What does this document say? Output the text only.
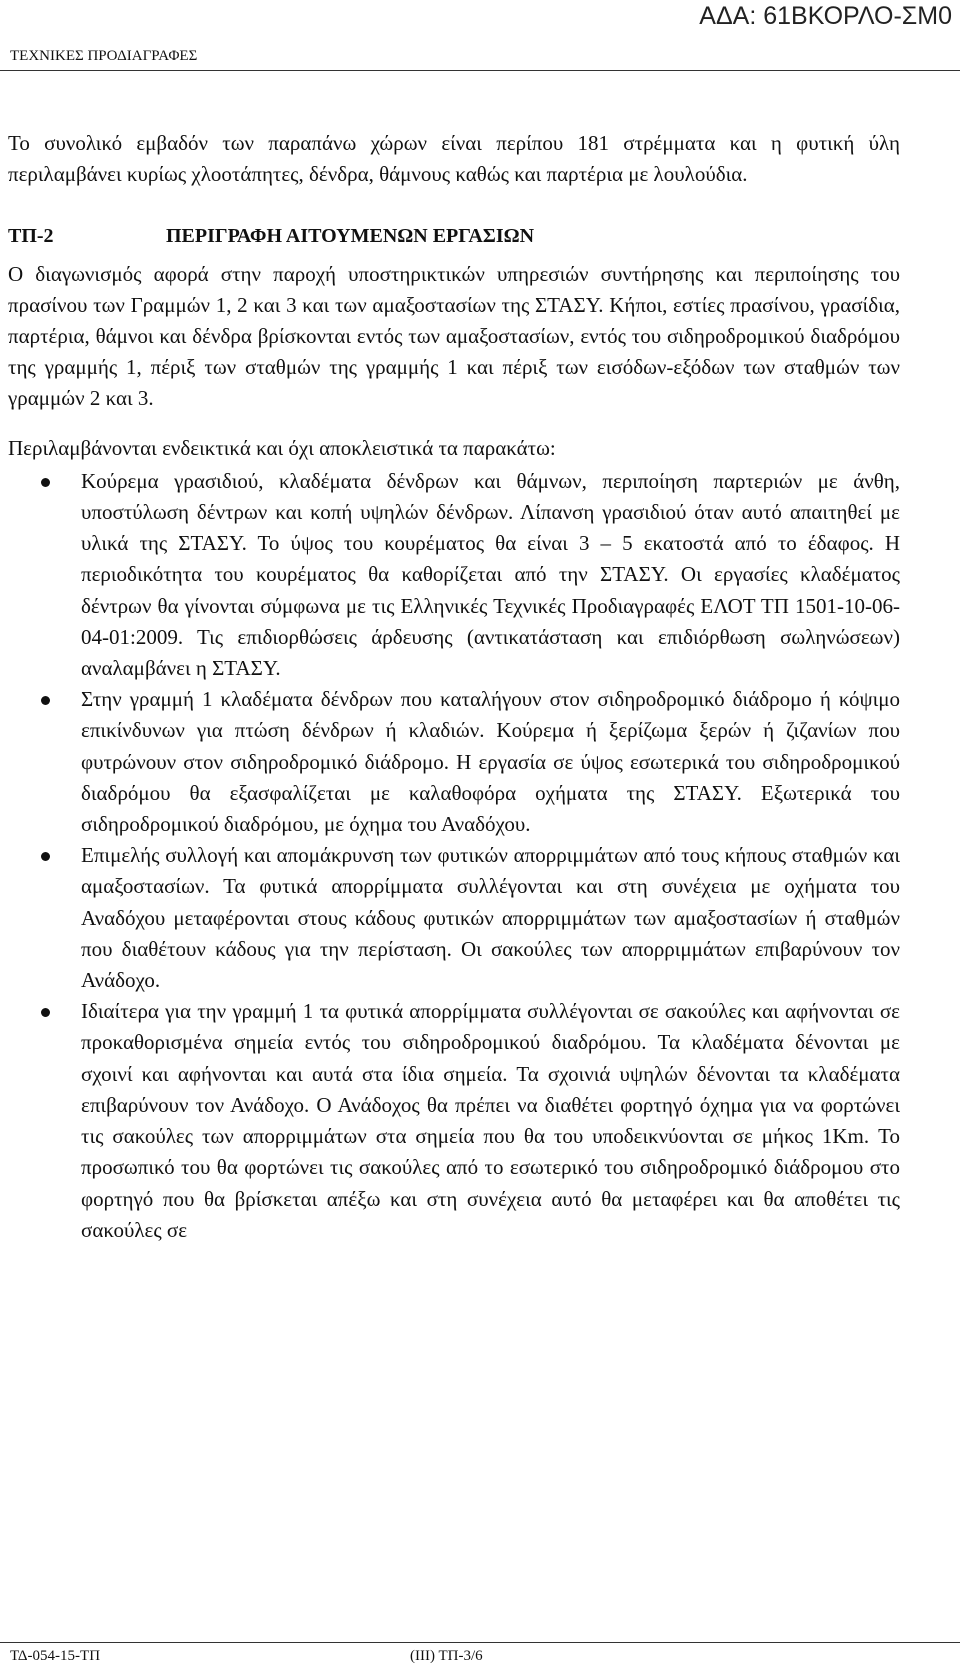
ΑΔΑ: 61ΒΚΟΡΛΟ-ΣΜ0
ΤΕΧΝΙΚΕΣ ΠΡΟΔΙΑΓΡΑΦΕΣ

Το συνολικό εμβαδόν των παραπάνω χώρων είναι περίπου 181 στρέμματα και η φυτική ύλη περιλαμβάνει κυρίως χλοοτάπητες, δένδρα, θάμνους καθώς και παρτέρια με λουλούδια.

ΤΠ-2	ΠΕΡΙΓΡΑΦΗ ΑΙΤΟΥΜΕΝΩΝ ΕΡΓΑΣΙΩΝ

Ο διαγωνισμός αφορά στην παροχή υποστηρικτικών υπηρεσιών συντήρησης και περιποίησης του πρασίνου των Γραμμών 1, 2 και 3 και των αμαξοστασίων της ΣΤΑΣΥ. Κήποι, εστίες πρασίνου, γρασίδια, παρτέρια, θάμνοι και δένδρα βρίσκονται εντός των αμαξοστασίων, εντός του σιδηροδρομικού διαδρόμου της γραμμής 1, πέριξ των σταθμών της γραμμής 1 και πέριξ των εισόδων-εξόδων των σταθμών των γραμμών 2 και 3.

Περιλαμβάνονται ενδεικτικά και όχι αποκλειστικά τα παρακάτω:

Κούρεμα γρασιδιού, κλαδέματα δένδρων και θάμνων, περιποίηση παρτεριών με άνθη, υποστύλωση δέντρων και κοπή υψηλών δένδρων. Λίπανση γρασιδιού όταν αυτό απαιτηθεί με υλικά της ΣΤΑΣΥ. Το ύψος του κουρέματος θα είναι 3 – 5 εκατοστά από το έδαφος. Η περιοδικότητα του κουρέματος θα καθορίζεται από την ΣΤΑΣΥ. Οι εργασίες κλαδέματος δέντρων θα γίνονται σύμφωνα με τις Ελληνικές Τεχνικές Προδιαγραφές ΕΛΟΤ ΤΠ 1501-10-06-04-01:2009. Τις επιδιορθώσεις άρδευσης (αντικατάσταση και επιδιόρθωση σωληνώσεων) αναλαμβάνει η ΣΤΑΣΥ.
Στην γραμμή 1 κλαδέματα δένδρων που καταλήγουν στον σιδηροδρομικό διάδρομο ή κόψιμο επικίνδυνων για πτώση δένδρων ή κλαδιών. Κούρεμα ή ξερίζωμα ξερών ή ζιζανίων που φυτρώνουν στον σιδηροδρομικό διάδρομο. Η εργασία σε ύψος εσωτερικά του σιδηροδρομικού διαδρόμου θα εξασφαλίζεται με καλαθοφόρα οχήματα της ΣΤΑΣΥ. Εξωτερικά του σιδηροδρομικού διαδρόμου, με όχημα του Αναδόχου.
Επιμελής συλλογή και απομάκρυνση των φυτικών απορριμμάτων από τους κήπους σταθμών και αμαξοστασίων. Τα φυτικά απορρίμματα συλλέγονται και στη συνέχεια με οχήματα του Αναδόχου μεταφέρονται στους κάδους φυτικών απορριμμάτων των αμαξοστασίων ή σταθμών που διαθέτουν κάδους για την περίσταση. Οι σακούλες των απορριμμάτων επιβαρύνουν τον Ανάδοχο.
Ιδιαίτερα για την γραμμή 1 τα φυτικά απορρίμματα συλλέγονται σε σακούλες και αφήνονται σε προκαθορισμένα σημεία εντός του σιδηροδρομικού διαδρόμου. Τα κλαδέματα δένονται με σχοινί και αφήνονται και αυτά στα ίδια σημεία. Τα σχοινιά υψηλών δένονται τα κλαδέματα επιβαρύνουν τον Ανάδοχο. Ο Ανάδοχος θα πρέπει να διαθέτει φορτηγό όχημα για να φορτώνει τις σακούλες των απορριμμάτων στα σημεία που θα του υποδεικνύονται σε μήκος 1Km. Το προσωπικό του θα φορτώνει τις σακούλες από το εσωτερικό του σιδηροδρομικό διάδρομου στο φορτηγό που θα βρίσκεται απέξω και στη συνέχεια αυτό θα μεταφέρει και θα αποθέτει τις σακούλες σε
ΤΔ-054-15-ΤΠ	(ΙΙΙ) ΤΠ-3/6
